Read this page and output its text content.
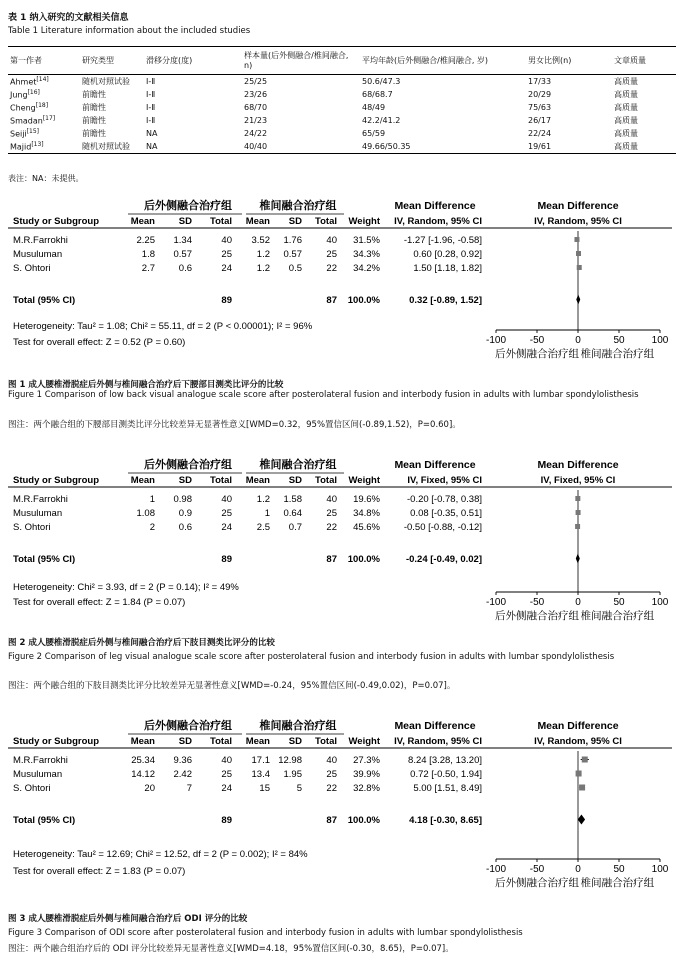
表 1 纳入研究的文献相关信息
Table 1 Literature information about the included studies
第一作者	研究类型	滑移分度(度)	样本量(后外侧融合/椎间融合, n)	平均年龄(后外侧融合/椎间融合, 岁)	男女比例(n)	文章质量
Ahmet[14]	随机对照试验	Ⅰ-Ⅱ	25/25	50.6/47.3	17/33	高质量
Jung[16]	前瞻性	Ⅰ-Ⅱ	23/26	68/68.7	20/29	高质量
Cheng[18]	前瞻性	Ⅰ-Ⅱ	68/70	48/49	75/63	高质量
Smadan[17]	前瞻性	Ⅰ-Ⅱ	21/23	42.2/41.2	26/17	高质量
Seiji[15]	前瞻性	NA	24/22	65/59	22/24	高质量
Majid[13]	随机对照试验	NA	40/40	49.66/50.35	19/61	高质量
表注：NA：未提供。
后外侧融合治疗组	椎间融合治疗组	Mean Difference	Mean Difference
Study or Subgroup	Mean	SD Total Mean SD Total Weight IV, Random, 95% CI	IV, Random, 95% CI
M.R.Farrokhi	2.25 1.34	40 3.52 1.76	40 31.5%	-1.27 [-1.96, -0.58]
Musuluman	1.8 0.57	25	1.2 0.57	25 34.3%	0.60 [0.28, 0.92]
S. Ohtori	2.7	0.6	24	1.2 0.5	22 34.2%	1.50 [1.18, 1.82]
Total (95% CI)	89	87 100.0%	0.32 [-0.89, 1.52]
Heterogeneity: Tau² = 1.08; Chi² = 55.11, df = 2 (P < 0.00001); I² = 96%
Test for overall effect: Z = 0.52 (P = 0.60)	-100 -50	0	50	100
后外侧融合治疗组 椎间融合治疗组
图 1 成人腰椎滑脱症后外侧与椎间融合治疗后下腰部目测类比评分的比较
Figure 1 Comparison of low back visual analogue scale score after posterolateral fusion and interbody fusion in adults with lumbar spondylolisthesis
图注：两个融合组的下腰部目测类比评分比较差异无显著性意义[WMD=0.32，95%置信区间(-0.89,1.52)，P=0.60]。
后外侧融合治疗组	椎间融合治疗组	Mean Difference	Mean Difference
Study or Subgroup	Mean	SD Total Mean SD Total Weight	IV, Fixed, 95% CI	IV, Fixed, 95% CI
M.R.Farrokhi	1 0.98	40	1.2 1.58	40 19.6%	-0.20 [-0.78, 0.38]
Musuluman	1.08	0.9	25	1 0.64	25 34.8%	0.08 [-0.35, 0.51]
S. Ohtori	2	0.6	24	2.5 0.7	22 45.6%	-0.50 [-0.88, -0.12]
Total (95% CI)	89	87 100.0%	-0.24 [-0.49, 0.02]
Heterogeneity: Chi² = 3.93, df = 2 (P = 0.14); I² = 49%
Test for overall effect: Z = 1.84 (P = 0.07)	-100 -50	0	50	100
后外侧融合治疗组 椎间融合治疗组
图 2 成人腰椎滑脱症后外侧与椎间融合治疗后下肢目测类比评分的比较
Figure 2 Comparison of leg visual analogue scale score after posterolateral fusion and interbody fusion in adults with lumbar spondylolisthesis
图注：两个融合组的下肢目测类比评分比较差异无显著性意义[WMD=-0.24，95%置信区间(-0.49,0.02)，P=0.07]。
后外侧融合治疗组	椎间融合治疗组	Mean Difference	Mean Difference
Study or Subgroup	Mean	SD Total Mean SD Total Weight IV, Random, 95% CI	IV, Random, 95% CI
M.R.Farrokhi	25.34 9.36	40 17.1 12.98	40 27.3%	8.24 [3.28, 13.20]
Musuluman	14.12 2.42	25 13.4 1.95	25 39.9%	0.72 [-0.50, 1.94]
S. Ohtori	20	7	24	15	5	22 32.8%	5.00 [1.51, 8.49]
Total (95% CI)	89	87 100.0%	4.18 [-0.30, 8.65]
Heterogeneity: Tau² = 12.69; Chi² = 12.52, df = 2 (P = 0.002); I² = 84%
Test for overall effect: Z = 1.83 (P = 0.07)	-100 -50	0	50	100
后外侧融合治疗组 椎间融合治疗组
图 3 成人腰椎滑脱症后外侧与椎间融合治疗后 ODI 评分的比较
Figure 3 Comparison of ODI score after posterolateral fusion and interbody fusion in adults with lumbar spondylolisthesis
图注：两个融合组治疗后的 ODI 评分比较差异无显著性意义[WMD=4.18，95%置信区间(-0.30，8.65)，P=0.07]。
